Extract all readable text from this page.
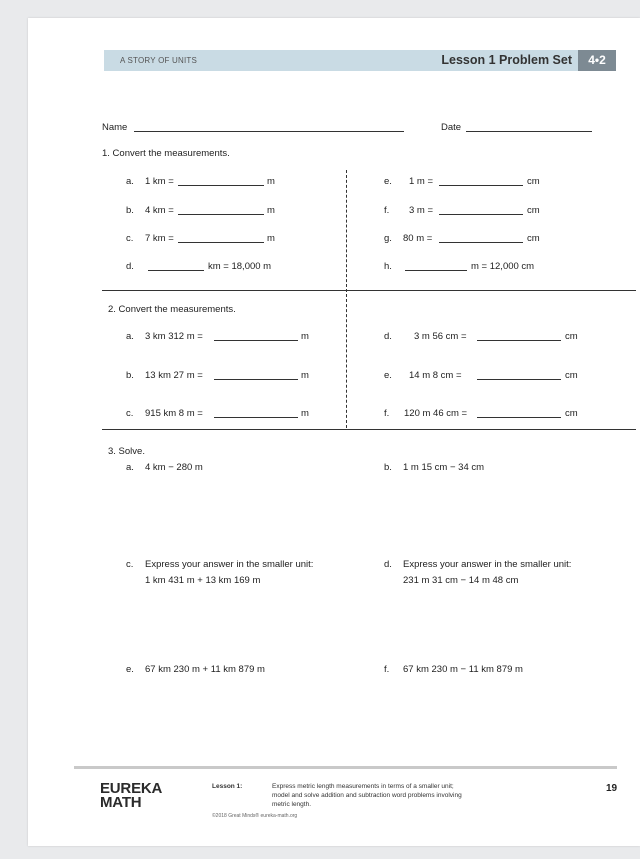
A STORY OF UNITS	Lesson 1 Problem Set	4•2
Name	Date
1. Convert the measurements.
a. 1 km =	m
b. 4 km =	m
c. 7 km =	m
d.	km = 18,000 m
e. 1 m =	cm
f. 3 m =	cm
g. 80 m =	cm
h.	m = 12,000 cm
2. Convert the measurements.
a. 3 km 312 m =	m
b. 13 km 27 m =	m
c. 915 km 8 m =	m
d. 3 m 56 cm =	cm
e. 14 m 8 cm =	cm
f. 120 m 46 cm =	cm
3. Solve.
a. 4 km − 280 m	b. 1 m 15 cm − 34 cm
c. Express your answer in the smaller unit:
1 km 431 m + 13 km 169 m
d. Express your answer in the smaller unit:
231 m 31 cm − 14 m 48 cm
e. 67 km 230 m + 11 km 879 m	f. 67 km 230 m − 11 km 879 m
EUREKA
MATH
Lesson 1:	Express metric length measurements in terms of a smaller unit;
model and solve addition and subtraction word problems involving
metric length.
©2018 Great Minds® eureka-math.org
19
